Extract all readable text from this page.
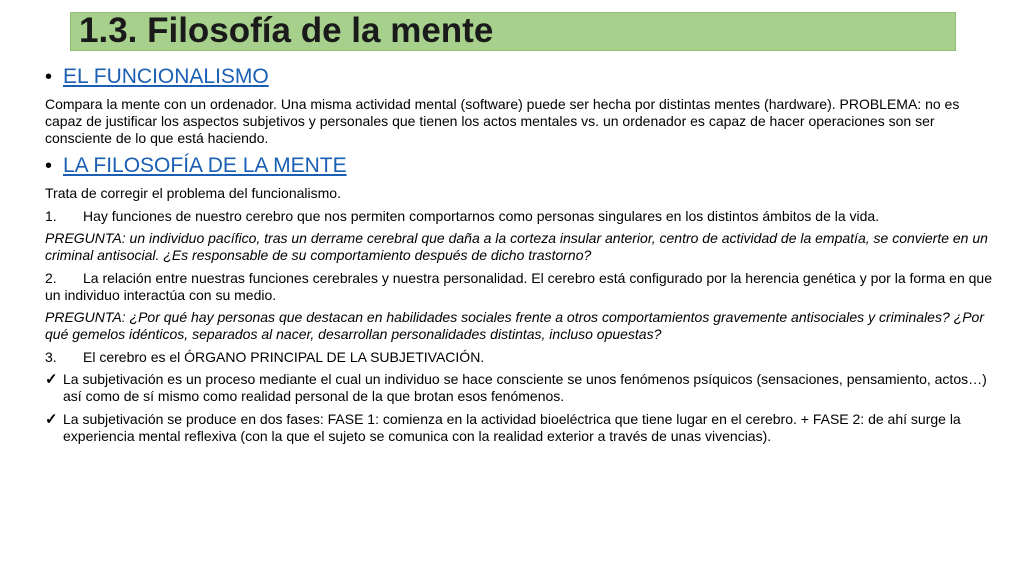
1.3. Filosofía de la mente
• EL FUNCIONALISMO

Compara la mente con un ordenador. Una misma actividad mental (software) puede ser hecha por distintas mentes (hardware). PROBLEMA: no es capaz de justificar los aspectos subjetivos y personales que tienen los actos mentales vs. un ordenador es capaz de hacer operaciones son ser consciente de lo que está haciendo.

• LA FILOSOFÍA DE LA MENTE

Trata de corregir el problema del funcionalismo.

1.	Hay funciones de nuestro cerebro que nos permiten comportarnos como personas singulares en los distintos ámbitos de la vida.

PREGUNTA: un individuo pacífico, tras un derrame cerebral que daña a la corteza insular anterior, centro de actividad de la empatía, se convierte en un criminal antisocial. ¿Es responsable de su comportamiento después de dicho trastorno?

2. La relación entre nuestras funciones cerebrales y nuestra personalidad. El cerebro está configurado por la herencia genética y por la forma en que un individuo interactúa con su medio.

PREGUNTA: ¿Por qué hay personas que destacan en habilidades sociales frente a otros comportamientos gravemente antisociales y criminales? ¿Por qué gemelos idénticos, separados al nacer, desarrollan personalidades distintas, incluso opuestas?

3.	El cerebro es el ÓRGANO PRINCIPAL DE LA SUBJETIVACIÓN.
✓ La subjetivación es un proceso mediante el cual un individuo se hace consciente se unos fenómenos psíquicos (sensaciones, pensamiento, actos…) así como de sí mismo como realidad personal de la que brotan esos fenómenos.
✓ La subjetivación se produce en dos fases: FASE 1: comienza en la actividad bioeléctrica que tiene lugar en el cerebro. + FASE 2: de ahí surge la experiencia mental reflexiva (con la que el sujeto se comunica con la realidad exterior a través de unas vivencias).
